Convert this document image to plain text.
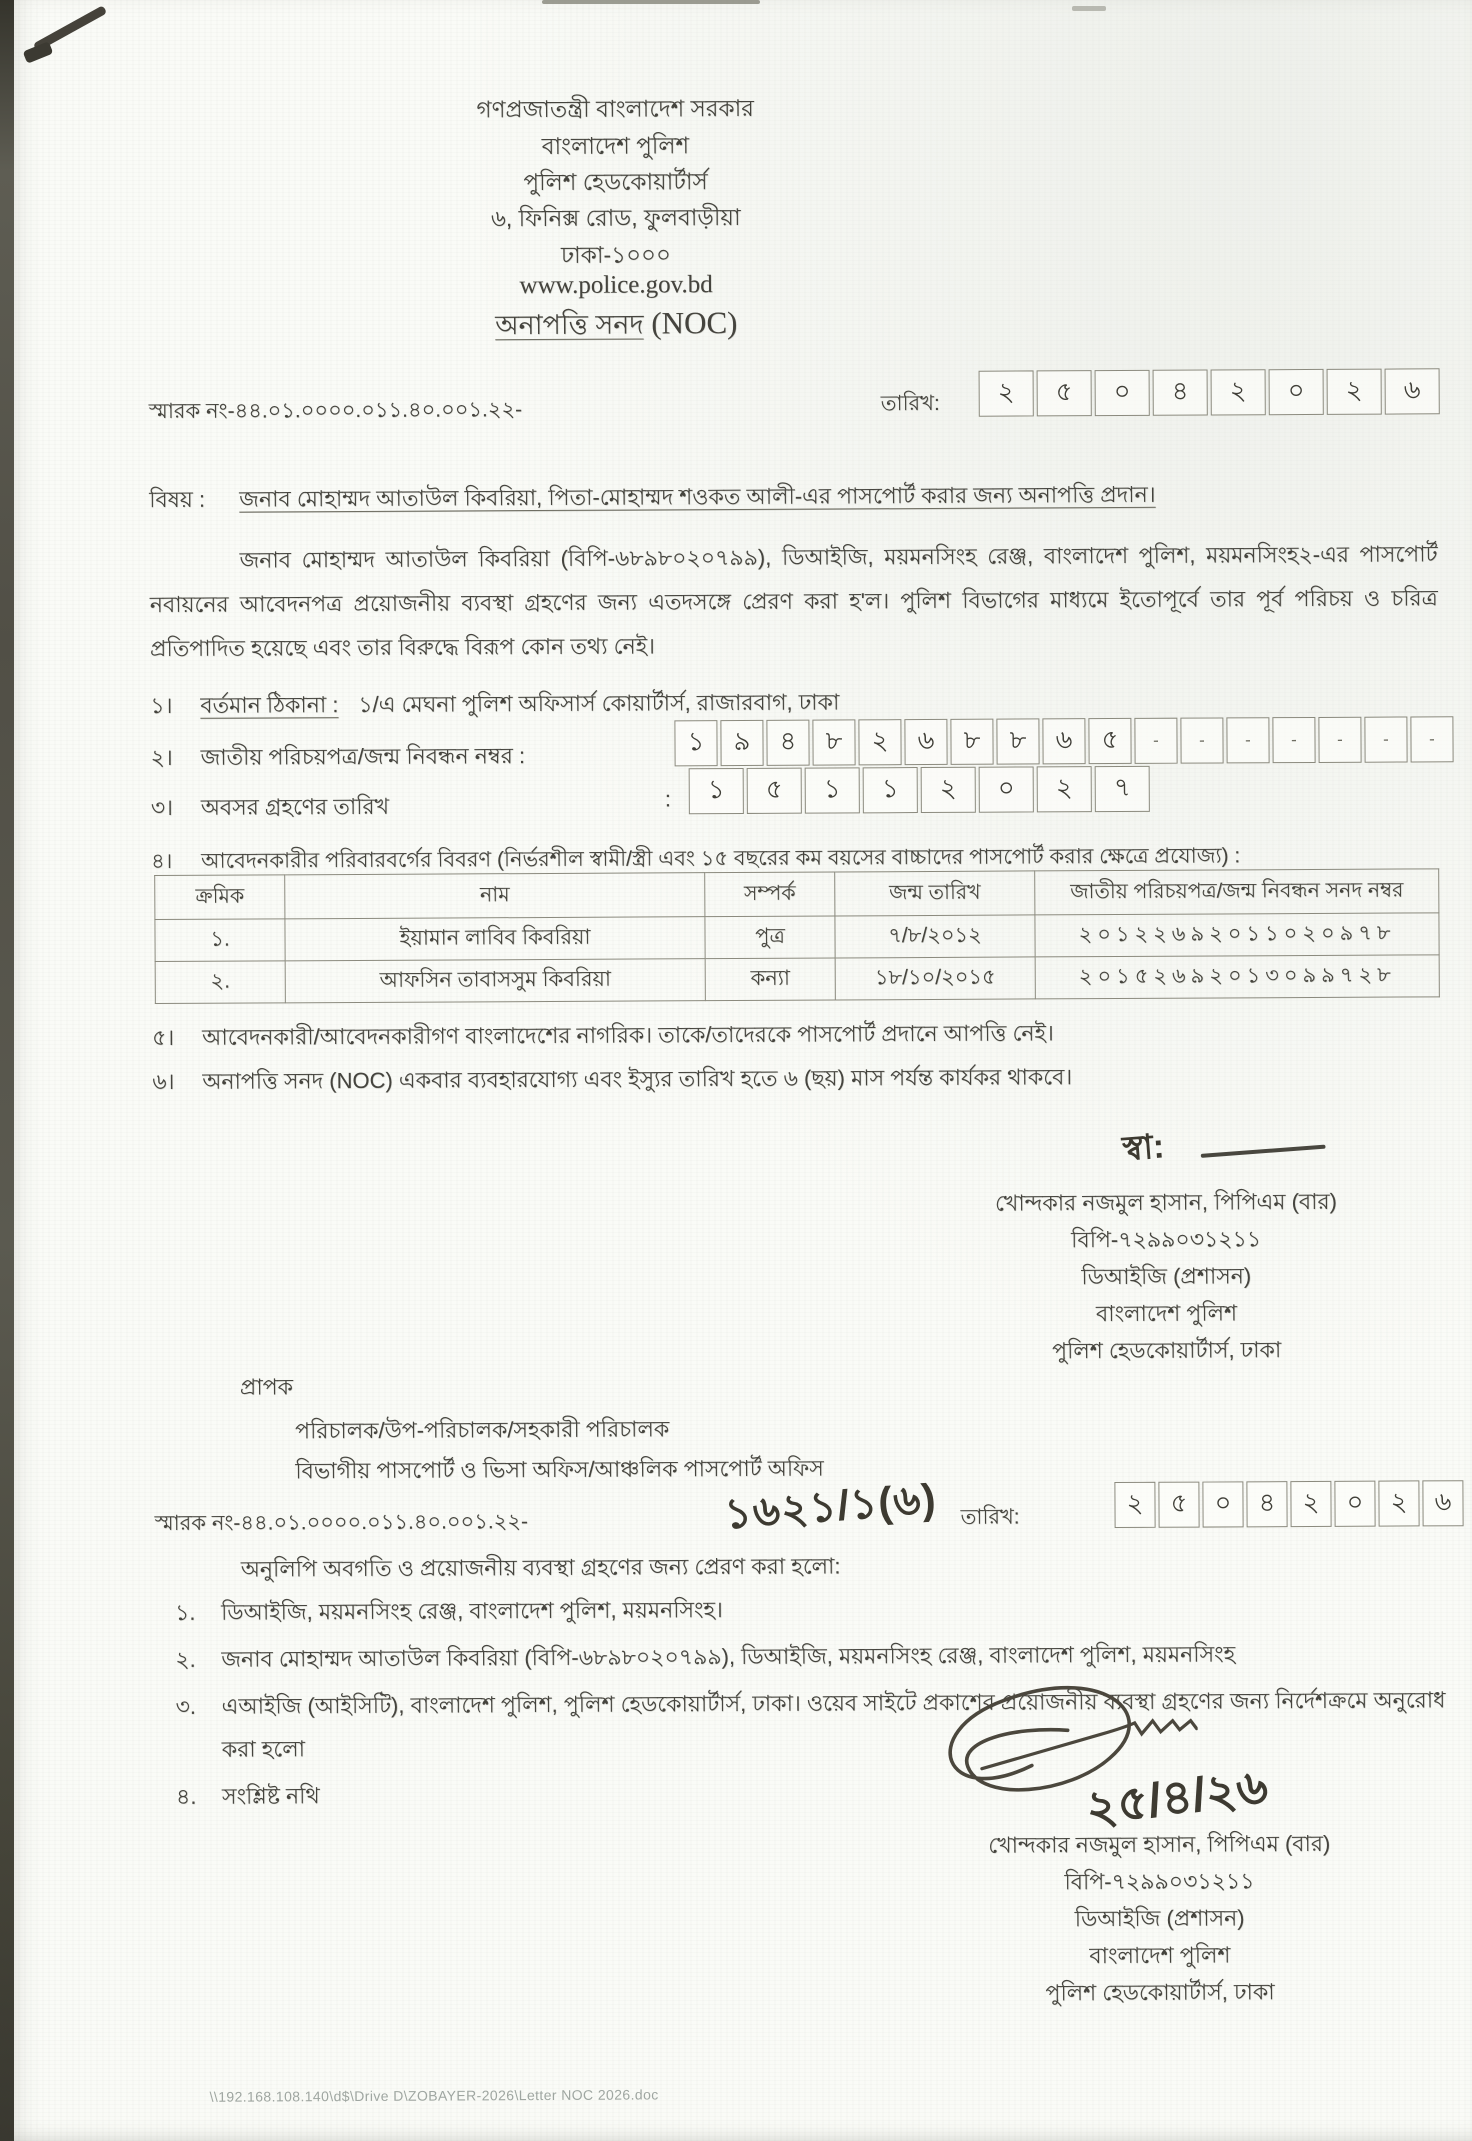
গণপ্রজাতন্ত্রী বাংলাদেশ সরকার
বাংলাদেশ পুলিশ
পুলিশ হেডকোয়ার্টার্স
৬, ফিনিক্স রোড, ফুলবাড়ীয়া
ঢাকা-১০০০
www.police.gov.bd
অনাপত্তি সনদ (NOC)
স্মারক নং-৪৪.০১.০০০০.০১১.৪০.০০১.২২-	তারিখ:	২	৫	০	৪	২	০	২	৬
বিষয় : জনাব মোহাম্মদ আতাউল কিবরিয়া, পিতা-মোহাম্মদ শওকত আলী-এর পাসপোর্ট করার জন্য অনাপত্তি প্রদান।
জনাব মোহাম্মদ আতাউল কিবরিয়া (বিপি-৬৮৯৮০২০৭৯৯), ডিআইজি, ময়মনসিংহ রেঞ্জ, বাংলাদেশ পুলিশ, ময়মনসিংহ২-এর পাসপোর্ট নবায়নের আবেদনপত্র প্রয়োজনীয় ব্যবস্থা গ্রহণের জন্য এতদসঙ্গে প্রেরণ করা হ'ল। পুলিশ বিভাগের মাধ্যমে ইতোপূর্বে তার পূর্ব পরিচয় ও চরিত্র প্রতিপাদিত হয়েছে এবং তার বিরুদ্ধে বিরূপ কোন তথ্য নেই।
১। বর্তমান ঠিকানা : ১/এ মেঘনা পুলিশ অফিসার্স কোয়ার্টার্স, রাজারবাগ, ঢাকা
২। জাতীয় পরিচয়পত্র/জন্ম নিবন্ধন নম্বর :
১	৯	৪	৮	২	৬	৮	৮	৬	৫	-	-	-	-	-	-	-
৩। অবসর গ্রহণের তারিখ	:	১	৫	১	১	২	০	২	৭
৪। আবেদনকারীর পরিবারবর্গের বিবরণ (নির্ভরশীল স্বামী/স্ত্রী এবং ১৫ বছরের কম বয়সের বাচ্চাদের পাসপোর্ট করার ক্ষেত্রে প্রযোজ্য) :
ক্রমিক	নাম	সম্পর্ক	জন্ম তারিখ	জাতীয় পরিচয়পত্র/জন্ম নিবন্ধন সনদ নম্বর
১.	ইয়ামান লাবিব কিবরিয়া	পুত্র	৭/৮/২০১২	২০১২২৬৯২০১১০২০৯৭৮
২.	আফসিন তাবাসসুম কিবরিয়া	কন্যা	১৮/১০/২০১৫	২০১৫২৬৯২০১৩০৯৯৭২৮
৫। আবেদনকারী/আবেদনকারীগণ বাংলাদেশের নাগরিক। তাকে/তাদেরকে পাসপোর্ট প্রদানে আপত্তি নেই।
৬। অনাপত্তি সনদ (NOC) একবার ব্যবহারযোগ্য এবং ইস্যুর তারিখ হতে ৬ (ছয়) মাস পর্যন্ত কার্যকর থাকবে।
স্বা:
খোন্দকার নজমুল হাসান, পিপিএম (বার)
বিপি-৭২৯৯০৩১২১১
ডিআইজি (প্রশাসন)
বাংলাদেশ পুলিশ
পুলিশ হেডকোয়ার্টার্স, ঢাকা
প্রাপক
পরিচালক/উপ-পরিচালক/সহকারী পরিচালক
বিভাগীয় পাসপোর্ট ও ভিসা অফিস/আঞ্চলিক পাসপোর্ট অফিস
স্মারক নং-৪৪.০১.০০০০.০১১.৪০.০০১.২২-	১৬২১/১(৬) তারিখ:	২	৫	০	৪	২	০	২	৬
অনুলিপি অবগতি ও প্রয়োজনীয় ব্যবস্থা গ্রহণের জন্য প্রেরণ করা হলো:
১. ডিআইজি, ময়মনসিংহ রেঞ্জ, বাংলাদেশ পুলিশ, ময়মনসিংহ।
২. জনাব মোহাম্মদ আতাউল কিবরিয়া (বিপি-৬৮৯৮০২০৭৯৯), ডিআইজি, ময়মনসিংহ রেঞ্জ, বাংলাদেশ পুলিশ, ময়মনসিংহ
৩. এআইজি (আইসিটি), বাংলাদেশ পুলিশ, পুলিশ হেডকোয়ার্টার্স, ঢাকা। ওয়েব সাইটে প্রকাশের প্রয়োজনীয় ব্যবস্থা গ্রহণের জন্য নির্দেশক্রমে অনুরোধ করা হলো
৪. সংশ্লিষ্ট নথি	২৫/৪/২৬
খোন্দকার নজমুল হাসান, পিপিএম (বার)
বিপি-৭২৯৯০৩১২১১
ডিআইজি (প্রশাসন)
বাংলাদেশ পুলিশ
পুলিশ হেডকোয়ার্টার্স, ঢাকা
\\192.168.108.140\d$\Drive D\ZOBAYER-2026\Letter NOC 2026.doc
